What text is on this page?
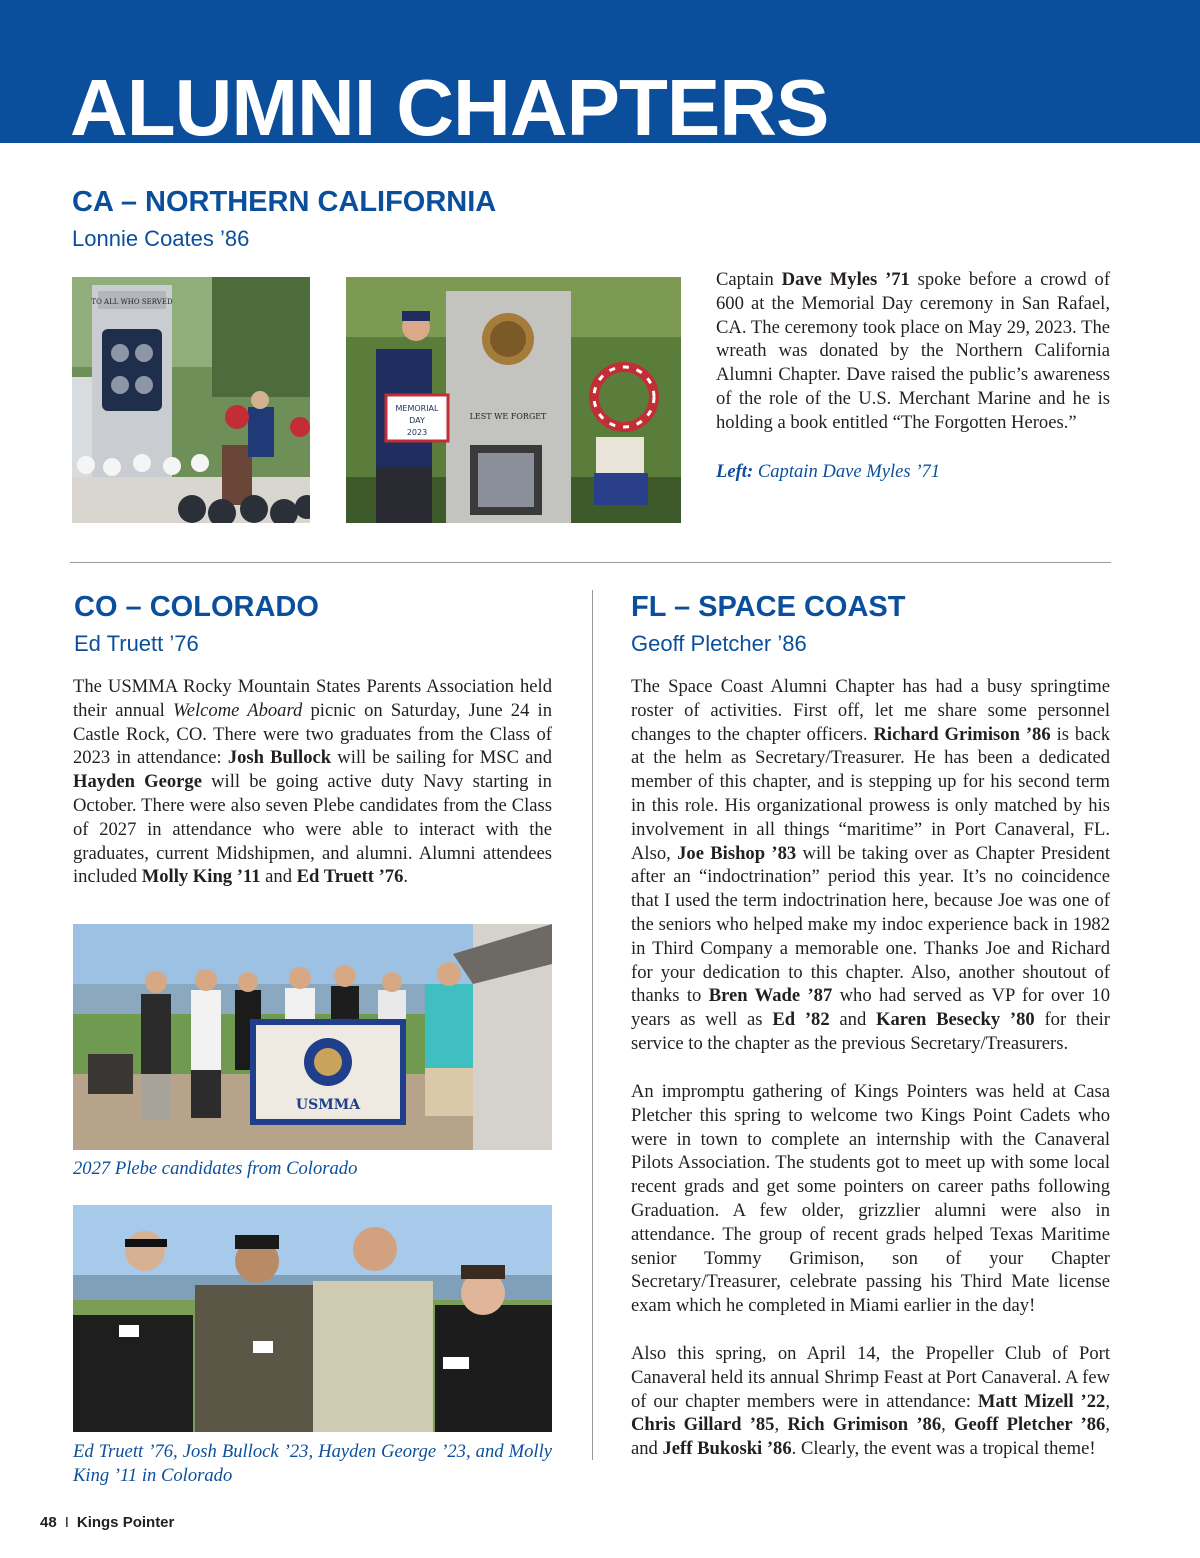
ALUMNI CHAPTERS
CA – NORTHERN CALIFORNIA

Lonnie Coates ’86

TO ALL WHO SERVED
LEST WE FORGET
MEMORIAL
DAY
2023

Captain Dave Myles ’71 spoke before a crowd of 600 at the Memorial Day ceremony in San Rafael, CA. The ceremony took place on May 29, 2023. The wreath was donated by the Northern California Alumni Chapter. Dave raised the public’s awareness of the role of the U.S. Merchant Marine and he is holding a book entitled “The Forgotten Heroes.”

Left: Captain Dave Myles ’71

CO – COLORADO

Ed Truett ’76

The USMMA Rocky Mountain States Parents Association held their annual Welcome Aboard picnic on Saturday, June 24 in Castle Rock, CO. There were two graduates from the Class of 2023 in attendance: Josh Bullock will be sailing for MSC and Hayden George will be going active duty Navy starting in October. There were also seven Plebe candidates from the Class of 2027 in attendance who were able to interact with the graduates, current Midshipmen, and alumni. Alumni attendees included Molly King ’11 and Ed Truett ’76.

USMMA

2027 Plebe candidates from Colorado

Ed Truett ’76, Josh Bullock ’23, Hayden George ’23, and Molly King ’11 in Colorado

FL – SPACE COAST

Geoff Pletcher ’86

The Space Coast Alumni Chapter has had a busy springtime roster of activities. First off, let me share some personnel changes to the chapter officers. Richard Grimison ’86 is back at the helm as Secretary/Treasurer. He has been a dedicated member of this chapter, and is stepping up for his second term in this role. His organizational prowess is only matched by his involvement in all things “maritime” in Port Canaveral, FL. Also, Joe Bishop ’83 will be taking over as Chapter President after an “indoctrination” period this year. It’s no coincidence that I used the term indoctrination here, because Joe was one of the seniors who helped make my indoc experience back in 1982 in Third Company a memorable one. Thanks Joe and Richard for your dedication to this chapter. Also, another shoutout of thanks to Bren Wade ’87 who had served as VP for over 10 years as well as Ed ’82 and Karen Besecky ’80 for their service to the chapter as the previous Secretary/Treasurers.

An impromptu gathering of Kings Pointers was held at Casa Pletcher this spring to welcome two Kings Point Cadets who were in town to complete an internship with the Canaveral Pilots Association. The students got to meet up with some local recent grads and get some pointers on career paths following Graduation. A few older, grizzlier alumni were also in attendance. The group of recent grads helped Texas Maritime senior Tommy Grimison, son of your Chapter Secretary/Treasurer, celebrate passing his Third Mate license exam which he completed in Miami earlier in the day!

Also this spring, on April 14, the Propeller Club of Port Canaveral held its annual Shrimp Feast at Port Canaveral. A few of our chapter members were in attendance: Matt Mizell ’22, Chris Gillard ’85, Rich Grimison ’86, Geoff Pletcher ’86, and Jeff Bukoski ’86. Clearly, the event was a tropical theme!

48 I Kings Pointer
